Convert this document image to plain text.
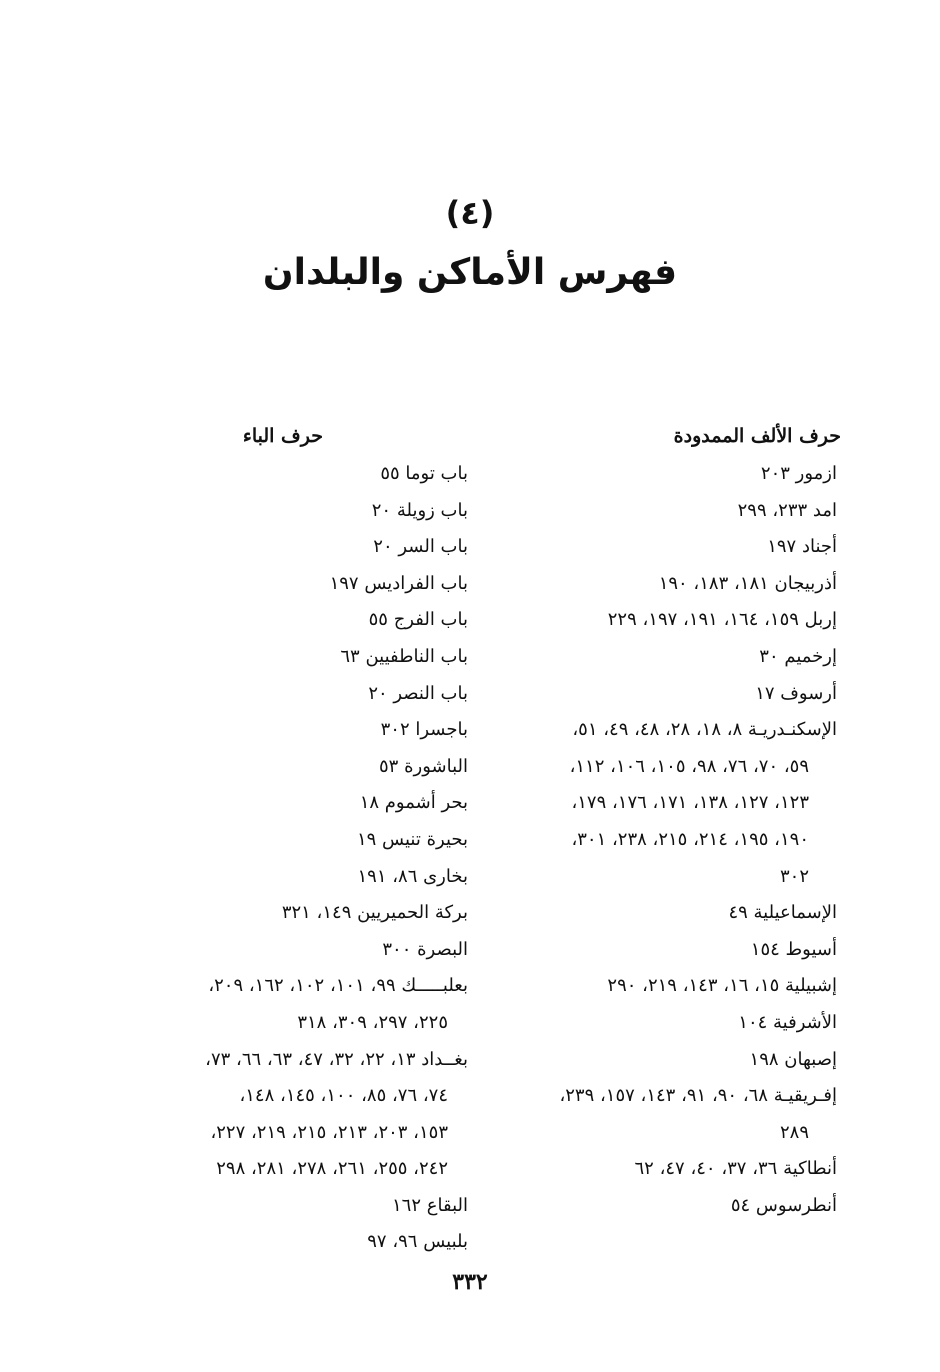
(٤)
فهرس الأماكن والبلدان
حرف الألف الممدودة
ازمور ٢٠٣
امد ٢٣٣، ٢٩٩
أجناد ١٩٧
أذربيجان ١٨١، ١٨٣، ١٩٠
إربل ١٥٩، ١٦٤، ١٩١، ١٩٧، ٢٢٩
إرخميم ٣٠
أرسوف ١٧
الإسكنـدريـة ٨، ١٨، ٢٨، ٤٨، ٤٩، ٥١،
٥٩، ٧٠، ٧٦، ٩٨، ١٠٥، ١٠٦، ١١٢،
١٢٣، ١٢٧، ١٣٨، ١٧١، ١٧٦، ١٧٩،
١٩٠، ١٩٥، ٢١٤، ٢١٥، ٢٣٨، ٣٠١،
٣٠٢
الإسماعيلية ٤٩
أسيوط ١٥٤
إشبيلية ١٥، ١٦، ١٤٣، ٢١٩، ٢٩٠
الأشرفية ١٠٤
إصبهان ١٩٨
إفـريقيـة ٦٨، ٩٠، ٩١، ١٤٣، ١٥٧، ٢٣٩،
٢٨٩
أنطاكية ٣٦، ٣٧، ٤٠، ٤٧، ٦٢
أنطرسوس ٥٤
حرف الباء
باب توما ٥٥
باب زويلة ٢٠
باب السر ٢٠
باب الفراديس ١٩٧
باب الفرج ٥٥
باب الناطفيين ٦٣
باب النصر ٢٠
باجسرا ٣٠٢
الباشورة ٥٣
بحر أشموم ١٨
بحيرة تنيس ١٩
بخارى ٨٦، ١٩١
بركة الحميريين ١٤٩، ٣٢١
البصرة ٣٠٠
بعلبـــــك ٩٩، ١٠١، ١٠٢، ١٦٢، ٢٠٩،
٢٢٥، ٢٩٧، ٣٠٩، ٣١٨
بغــداد ١٣، ٢٢، ٣٢، ٤٧، ٦٣، ٦٦، ٧٣،
٧٤، ٧٦، ٨٥، ١٠٠، ١٤٥، ١٤٨،
١٥٣، ٢٠٣، ٢١٣، ٢١٥، ٢١٩، ٢٢٧،
٢٤٢، ٢٥٥، ٢٦١، ٢٧٨، ٢٨١، ٢٩٨
البقاع ١٦٢
بلبيس ٩٦، ٩٧
٣٣٢
